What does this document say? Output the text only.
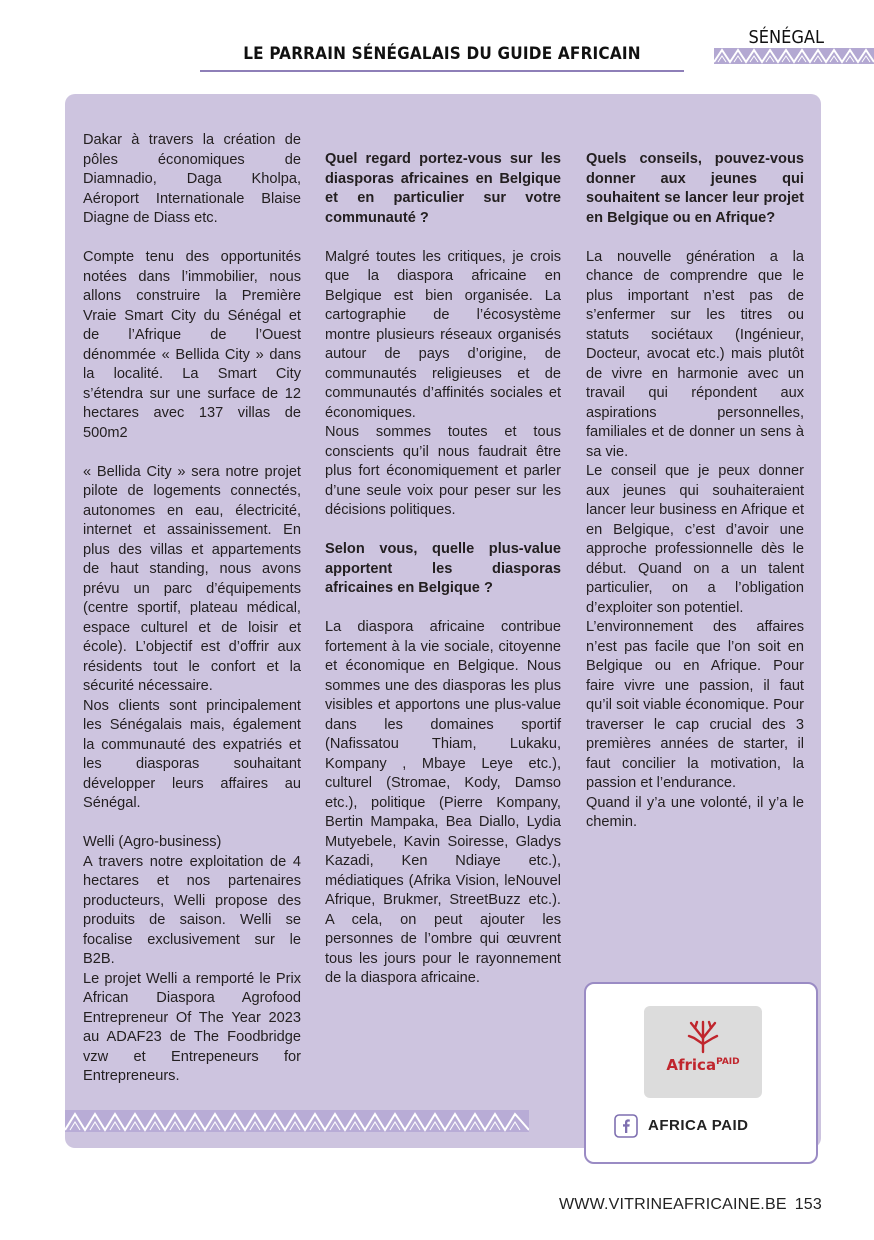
LE PARRAIN SÉNÉGALAIS DU GUIDE AFRICAIN
SÉNÉGAL

Dakar à travers la création de pôles économiques de Diamnadio, Daga Kholpa, Aéroport Internationale Blaise Diagne de Diass etc.

Compte tenu des opportunités notées dans l’immobilier, nous allons construire la Première Vraie Smart City du Sénégal et de l’Afrique de l’Ouest dénommée « Bellida City » dans la localité. La Smart City s’étendra sur une surface de 12 hectares avec 137 villas de 500m2

« Bellida City » sera notre projet pilote de logements connectés, autonomes en eau, électricité, internet et assainissement. En plus des villas et appartements de haut standing, nous avons prévu un parc d’équipements (centre sportif, plateau médical, espace culturel et de loisir et école). L’objectif est d’offrir aux résidents tout le confort et la sécurité nécessaire.

Nos clients sont principalement les Sénégalais mais, également la communauté des expatriés et les diasporas souhaitant développer leurs affaires au Sénégal.

Welli (Agro-business)

A travers notre exploitation de 4 hectares et nos partenaires producteurs, Welli propose des produits de saison. Welli se focalise exclusivement sur le B2B.

Le projet Welli a remporté le Prix African Diaspora Agrofood Entrepreneur Of The Year 2023 au ADAF23 de The Foodbridge vzw et Entrepeneurs for Entrepreneurs.

Quel regard portez-vous sur les diasporas africaines en Belgique et en particulier sur votre communauté ?

Malgré toutes les critiques, je crois que la diaspora africaine en Belgique est bien organisée. La cartographie de l’écosystème montre plusieurs réseaux organisés autour de pays d’origine, de communautés religieuses et de communautés d’affinités sociales et économiques.

Nous sommes toutes et tous conscients qu’il nous faudrait être plus fort économiquement et parler d’une seule voix pour peser sur les décisions politiques.

Selon vous, quelle plus-value apportent les diasporas africaines en Belgique ?

La diaspora africaine contribue fortement à la vie sociale, citoyenne et économique en Belgique. Nous sommes une des diasporas les plus visibles et apportons une plus-value dans les domaines sportif (Nafissatou Thiam, Lukaku, Kompany , Mbaye Leye etc.), culturel (Stromae, Kody, Damso etc.), politique (Pierre Kompany, Bertin Mampaka, Bea Diallo, Lydia Mutyebele, Kavin Soiresse, Gladys Kazadi, Ken Ndiaye etc.), médiatiques (Afrika Vision, leNouvel Afrique, Brukmer, StreetBuzz etc.). A cela, on peut ajouter les personnes de l’ombre qui œuvrent tous les jours pour le rayonnement de la diaspora africaine.

Quels conseils, pouvez-vous donner aux jeunes qui souhaitent se lancer leur projet en Belgique ou en Afrique?

La nouvelle génération a la chance de comprendre que le plus important n’est pas de s’enfermer sur les titres ou statuts sociétaux (Ingénieur, Docteur, avocat etc.) mais plutôt de vivre en harmonie avec un travail qui répondent aux aspirations personnelles, familiales et de donner un sens à sa vie.

Le conseil que je peux donner aux jeunes qui souhaiteraient lancer leur business en Afrique et en Belgique, c’est d’avoir une approche professionnelle dès le début. Quand on a un talent particulier, on a l’obligation d’exploiter son potentiel.

L’environnement des affaires n’est pas facile que l’on soit en Belgique ou en Afrique. Pour faire vivre une passion, il faut qu’il soit viable économique. Pour traverser le cap crucial des 3 premières années de starter, il faut concilier la motivation, la passion et l’endurance.

Quand il y’a une volonté, il y’a le chemin.

Africa$^{PAID}$
AFRICA PAID
WWW.VITRINEAFRICAINE.BE 153
